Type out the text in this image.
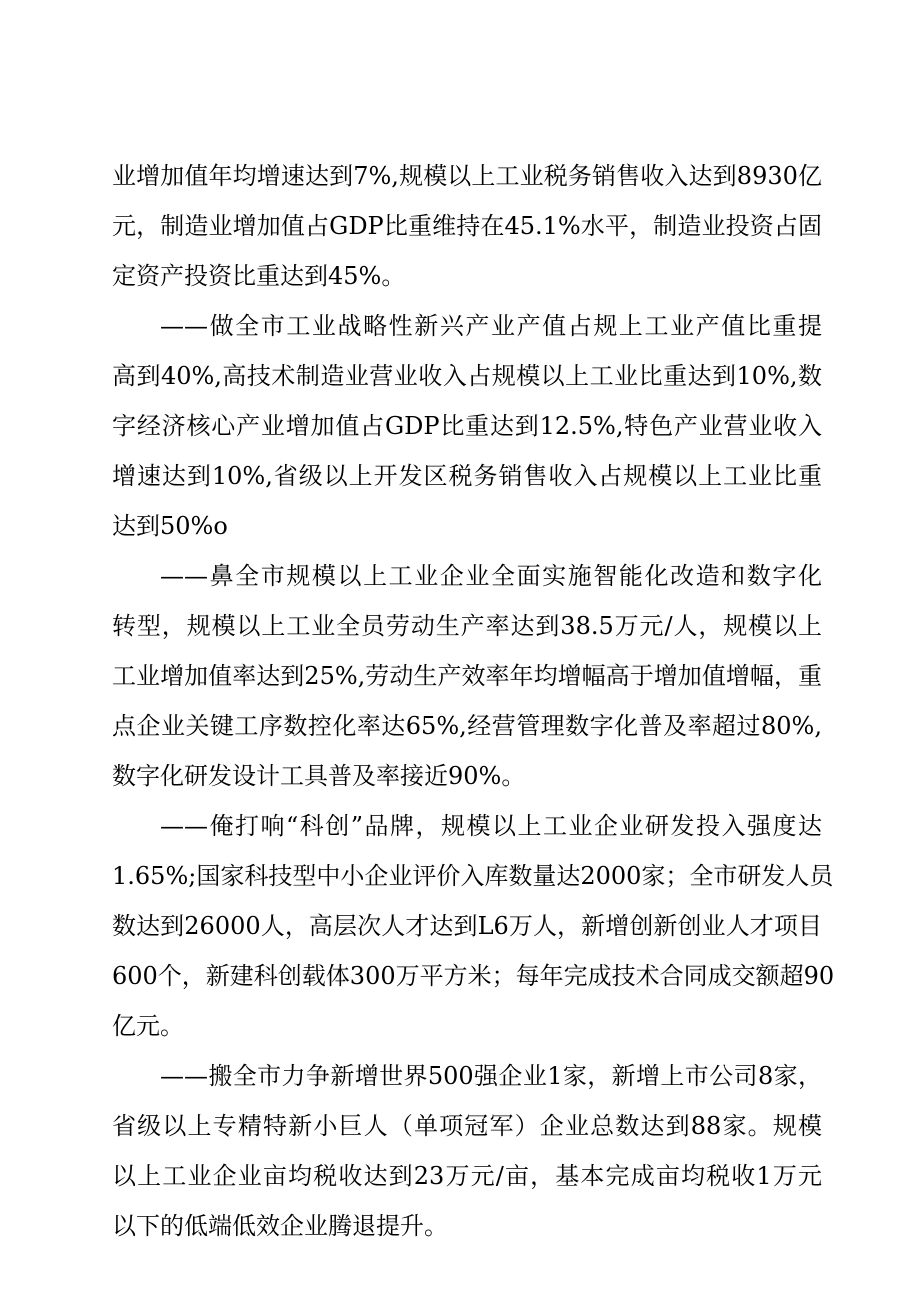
业增加值年均增速达到7%,规模以上工业税务销售收入达到8930亿
元，制造业增加值占GDP比重维持在45.1%水平，制造业投资占固
定资产投资比重达到45%。
——做全市工业战略性新兴产业产值占规上工业产值比重提
高到40%,高技术制造业营业收入占规模以上工业比重达到10%,数
字经济核心产业增加值占GDP比重达到12.5%,特色产业营业收入
增速达到10%,省级以上开发区税务销售收入占规模以上工业比重
达到50%o
——鼻全市规模以上工业企业全面实施智能化改造和数字化
转型，规模以上工业全员劳动生产率达到38.5万元/人，规模以上
工业增加值率达到25%,劳动生产效率年均增幅高于增加值增幅，重
点企业关键工序数控化率达65%,经营管理数字化普及率超过80%,
数字化研发设计工具普及率接近90%。
——俺打响“科创”品牌，规模以上工业企业研发投入强度达
1.65%;国家科技型中小企业评价入库数量达2000家；全市研发人员
数达到26000人，高层次人才达到L6万人，新增创新创业人才项目
600个，新建科创载体300万平方米；每年完成技术合同成交额超90
亿元。
——搬全市力争新增世界500强企业1家，新增上市公司8家，
省级以上专精特新小巨人（单项冠军）企业总数达到88家。规模
以上工业企业亩均税收达到23万元/亩，基本完成亩均税收1万元
以下的低端低效企业腾退提升。
